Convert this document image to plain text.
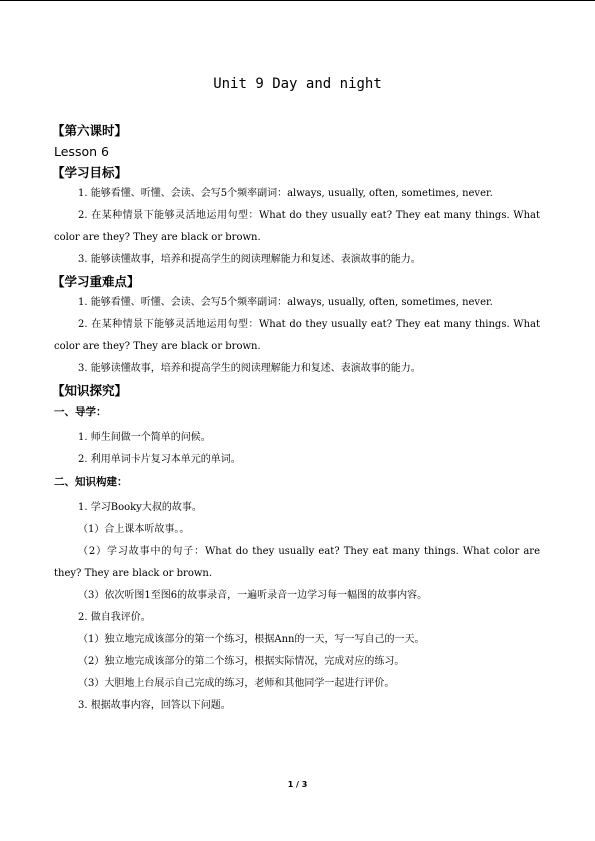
Unit 9 Day and night
【第六课时】
Lesson 6
【学习目标】

1. 能够看懂、听懂、会读、会写5个频率副词：always, usually, often, sometimes, never.

2. 在某种情景下能够灵活地运用句型：What do they usually eat? They eat many things. What color are they? They are black or brown.

3. 能够读懂故事，培养和提高学生的阅读理解能力和复述、表演故事的能力。

【学习重难点】

1. 能够看懂、听懂、会读、会写5个频率副词：always, usually, often, sometimes, never.

2. 在某种情景下能够灵活地运用句型：What do they usually eat? They eat many things. What color are they? They are black or brown.

3. 能够读懂故事，培养和提高学生的阅读理解能力和复述、表演故事的能力。

【知识探究】
一、导学：

1. 师生间做一个简单的问候。

2. 利用单词卡片复习本单元的单词。

二、知识构建：

1. 学习Booky大叔的故事。

（1）合上课本听故事。。

（2）学习故事中的句子：What do they usually eat? They eat many things. What color are they? They are black or brown.

（3）依次听图1至图6的故事录音，一遍听录音一边学习每一幅图的故事内容。

2. 做自我评价。

（1）独立地完成该部分的第一个练习，根据Ann的一天，写一写自己的一天。

（2）独立地完成该部分的第二个练习，根据实际情况，完成对应的练习。

（3）大胆地上台展示自己完成的练习，老师和其他同学一起进行评价。

3. 根据故事内容，回答以下问题。

1 / 3
